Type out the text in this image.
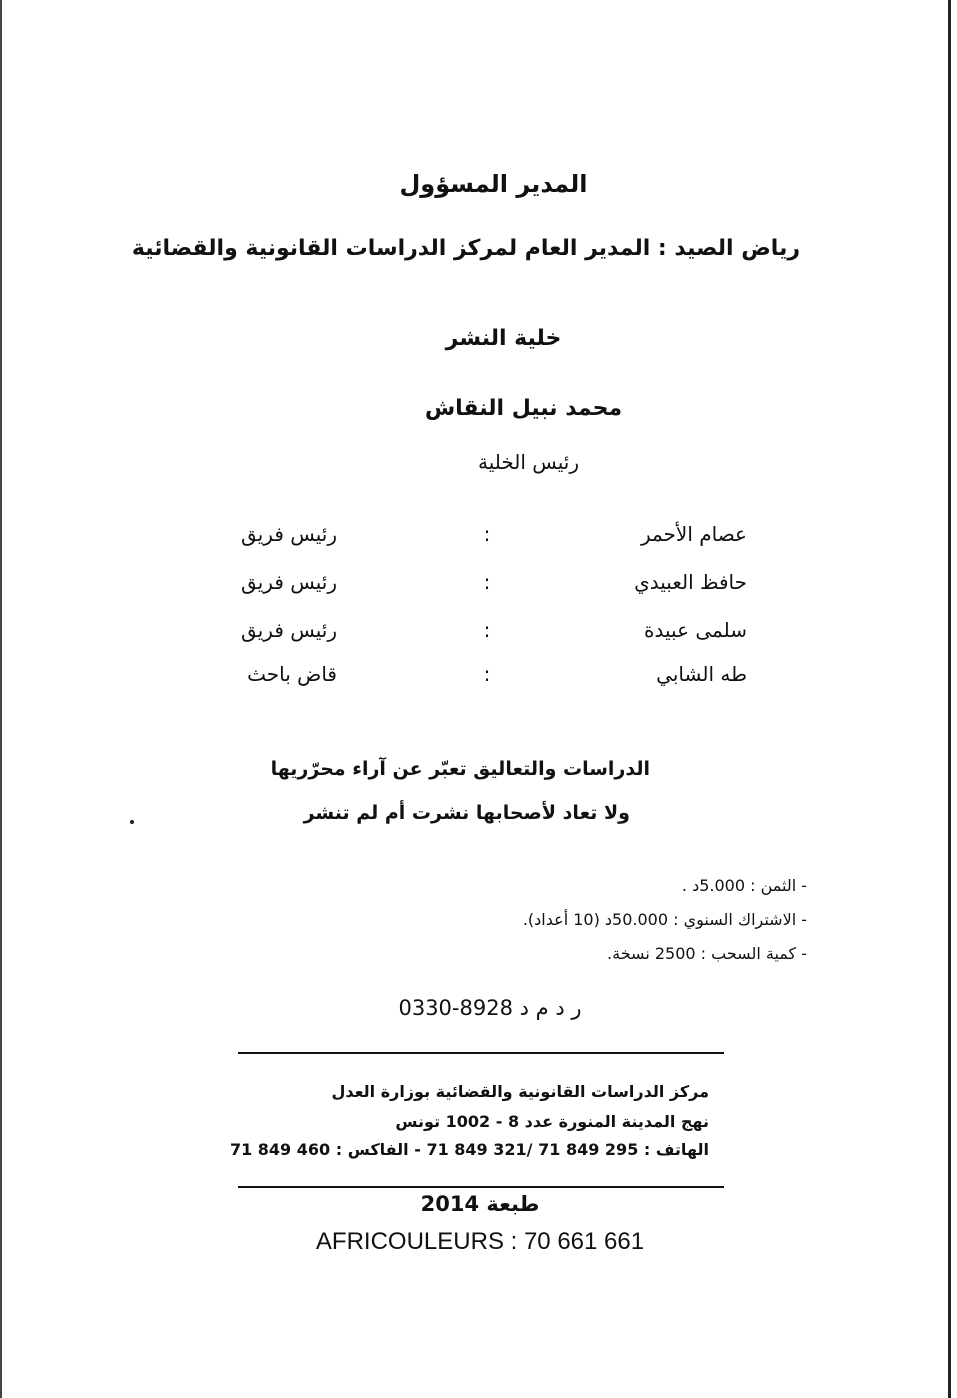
المدير المسؤول
رياض الصيد : المدير العام لمركز الدراسات القانونية والقضائية
خلية النشر
محمد نبيل النقاش
رئيس الخلية
عصام الأحمر
:
رئيس فريق
حافظ العبيدي
:
رئيس فريق
سلمى عبيدة
:
رئيس فريق
طه الشابي
:
قاض باحث
الدراسات والتعاليق تعبّر عن آراء محرّريها
ولا تعاد لأصحابها نشرت أم لم تنشر
- الثمن : 5.000د .
- الاشتراك السنوي : 50.000د (10 أعداد).
- كمية السحب : 2500 نسخة.
ر د م د 8928-0330
مركز الدراسات القانونية والقضائية بوزارة العدل
نهج المدينة المنورة عدد 8 - 1002 تونس
الهاتف : 295 849 71 /321 849 71 - الفاكس : 460 849 71
طبعة 2014
AFRICOULEURS : 70 661 661
